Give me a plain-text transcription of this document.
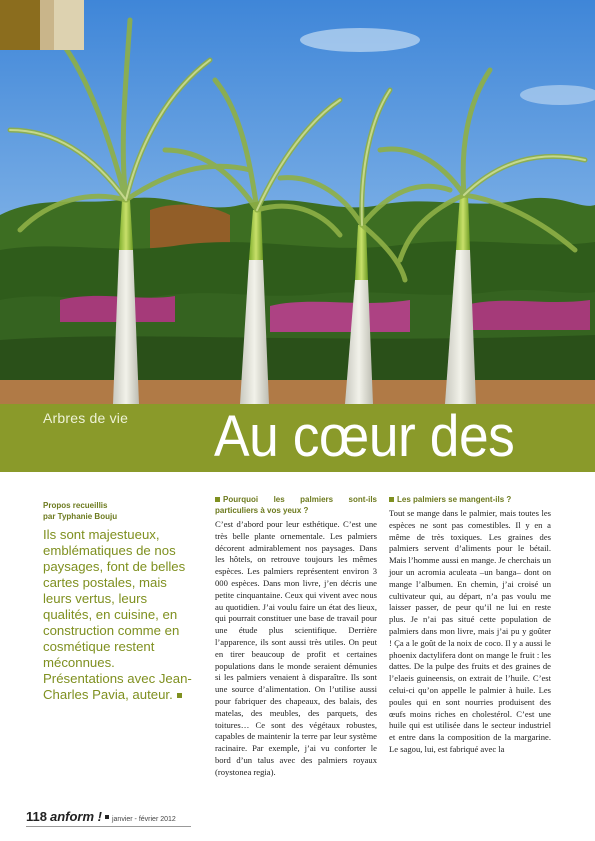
Arbres de vie Au cœur des
Propos recueillis
par Typhanie Bouju
Ils sont majestueux, emblématiques de nos paysages, font de belles cartes postales, mais leurs vertus, leurs qualités, en cuisine, en construction comme en cosmétique restent méconnues. Présentations avec Jean-Charles Pavia, auteur.
Pourquoi les palmiers sont-ils particuliers à vos yeux ?

C’est d’abord pour leur esthétique. C’est une très belle plante ornementale. Les palmiers décorent admirablement nos paysages. Dans les hôtels, on retrouve toujours les mêmes espèces. Les palmiers représentent environ 3 000 espèces. Dans mon livre, j’en décris une petite cinquantaine. Ceux qui vivent avec nous au quotidien. J’ai voulu faire un état des lieux, qui pourrait constituer une base de travail pour une étude plus scientifique. Derrière l’apparence, ils sont aussi très utiles. On peut en tirer beaucoup de profit et certaines populations dans le monde seraient démunies si les palmiers venaient à disparaître. Ils sont une source d’alimentation. On l’utilise aussi pour fabriquer des chapeaux, des balais, des matelas, des meubles, des parquets, des toitures… Ce sont des végétaux robustes, capables de maintenir la terre par leur système racinaire. Par exemple, j’ai vu conforter le bord d’un talus avec des palmiers royaux (roystonea regia).

Les palmiers se mangent-ils ?

Tout se mange dans le palmier, mais toutes les espèces ne sont pas comestibles. Il y en a même de très toxiques. Les graines des palmiers servent d’aliments pour le bétail. Mais l’homme aussi en mange. Je cherchais un jour un acromia aculeata –un banga– dont on mange l’albumen. En chemin, j’ai croisé un cultivateur qui, au départ, n’a pas voulu me laisser passer, de peur qu’il ne lui en reste plus. Je n’ai pas situé cette population de palmiers dans mon livre, mais j’ai pu y goûter ! Ça a le goût de la noix de coco. Il y a aussi le phoenix dactylifera dont on mange le fruit : les dattes. De la pulpe des fruits et des graines de l’elaeis guineensis, on extrait de l’huile. C’est celui-ci qu’on appelle le palmier à huile. Les poules qui en sont nourries produisent des œufs moins riches en cholestérol. C’est une huile qui est utilisée dans le secteur industriel et entre dans la composition de la margarine. Le sagou, lui, est fabriqué avec la

118 anform ! janvier - février 2012
